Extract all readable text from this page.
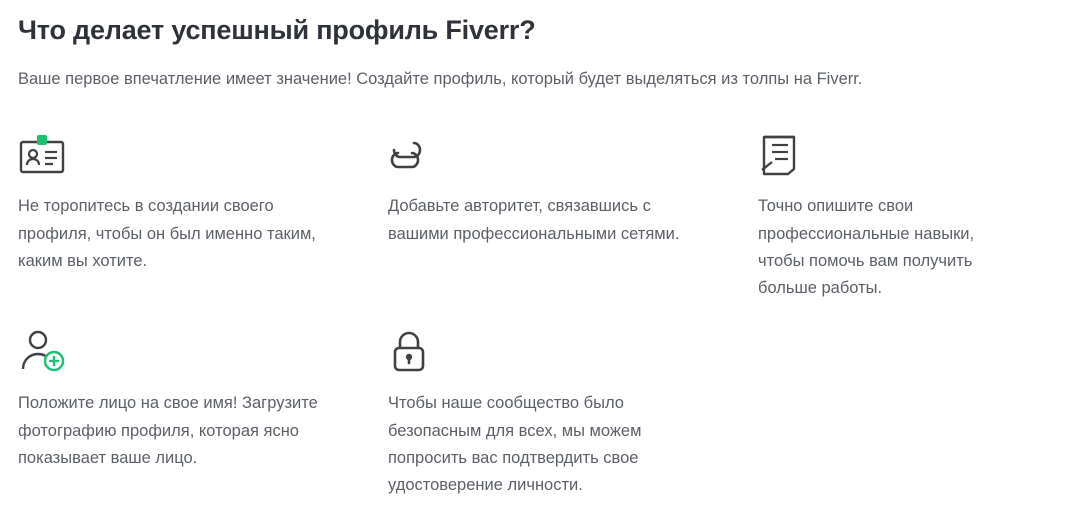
Что делает успешный профиль Fiverr?

Ваше первое впечатление имеет значение! Создайте профиль, который будет выделяться из толпы на Fiverr.

Не торопитесь в создании своего профиля, чтобы он был именно таким, каким вы хотите.
Добавьте авторитет, связавшись с вашими профессиональными сетями.
Точно опишите свои профессиональные навыки, чтобы помочь вам получить больше работы.
Положите лицо на свое имя! Загрузите фотографию профиля, которая ясно показывает ваше лицо.
Чтобы наше сообщество было безопасным для всех, мы можем попросить вас подтвердить свое удостоверение личности.
